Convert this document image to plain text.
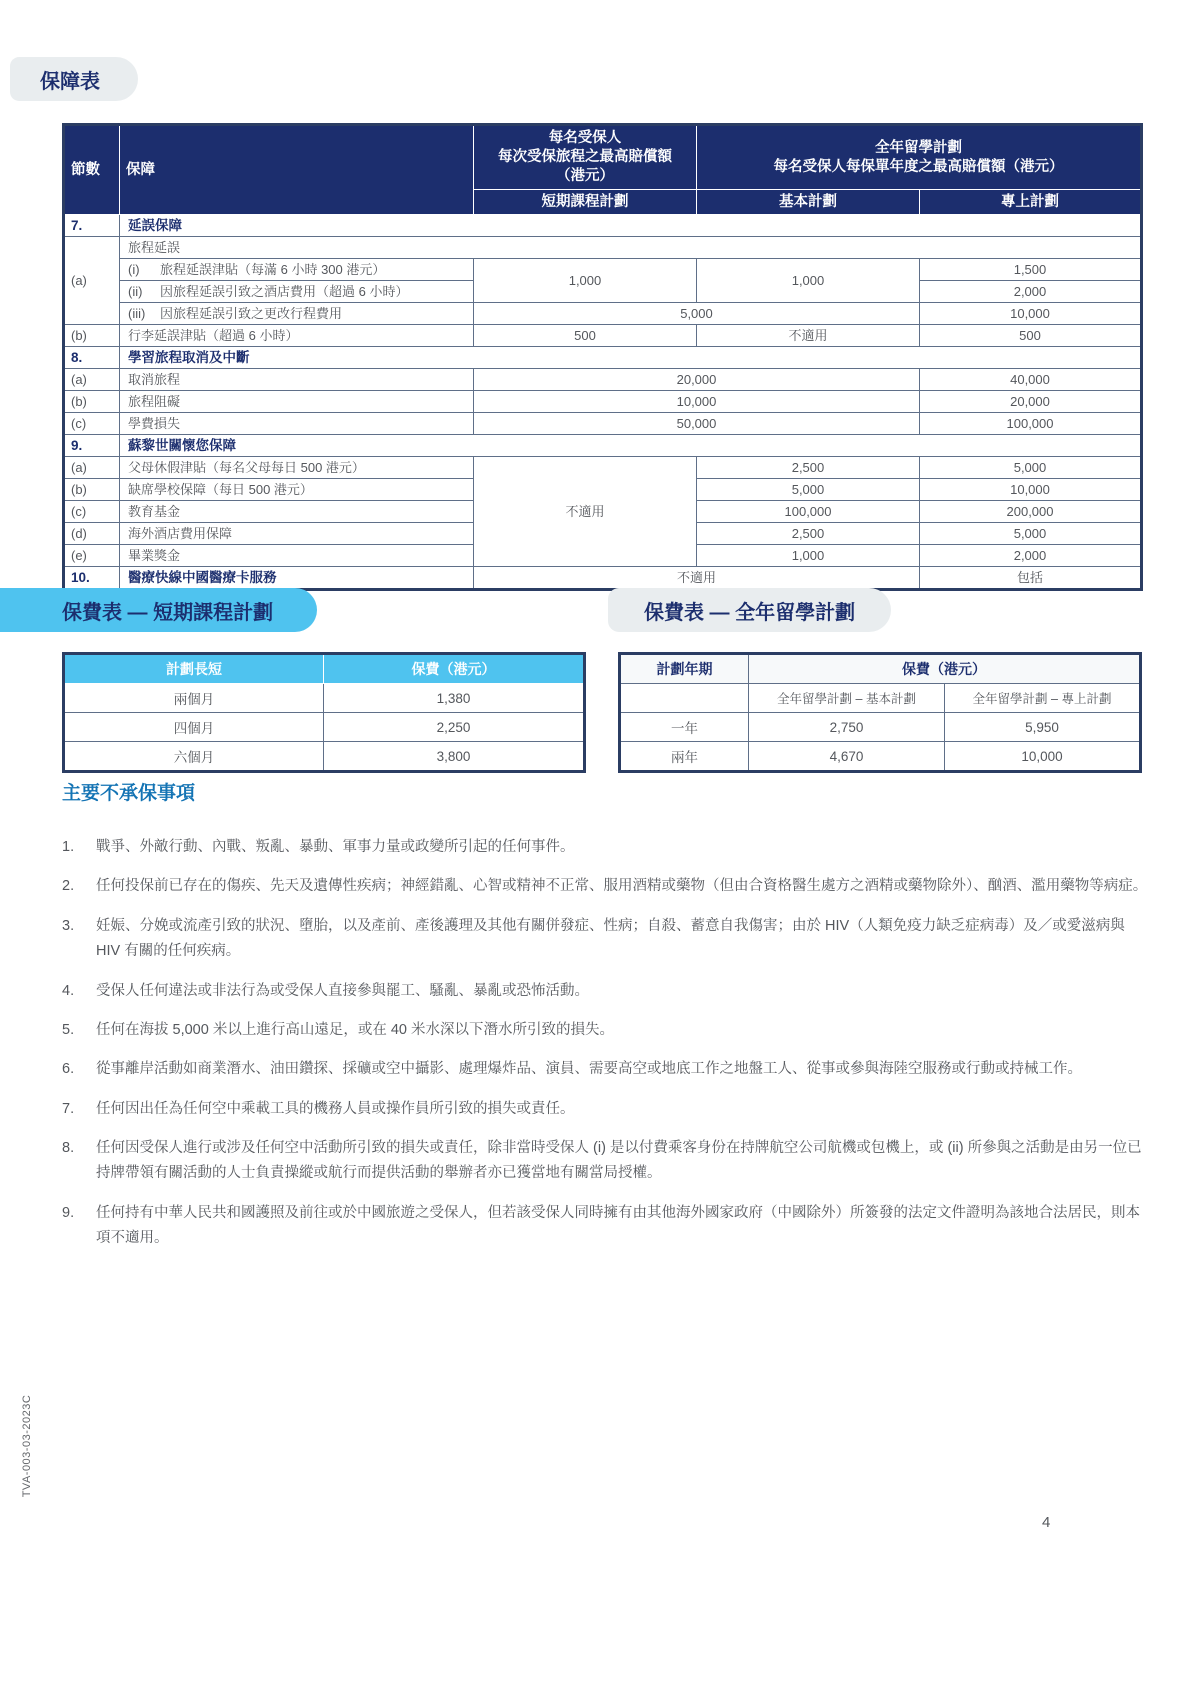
保障表
節數	保障	
每名受保人
每次受保旅程之最高賠償額
（港元）

全年留學計劃
每名受保人每保單年度之最高賠償額（港元）

		短期課程計劃	基本計劃	專上計劃
7.	延誤保障			
(a)	旅程延誤			
	(i) 旅程延誤津貼（每滿 6 小時 300 港元）	1,000	1,000	1,500
	(ii) 因旅程延誤引致之酒店費用（超過 6 小時）			2,000
	(iii) 因旅程延誤引致之更改行程費用	5,000		10,000
(b)	行李延誤津貼（超過 6 小時）	500	不適用	500
8.	學習旅程取消及中斷			
(a)	取消旅程	20,000		40,000
(b)	旅程阻礙	10,000		20,000
(c)	學費損失	50,000		100,000
9.	蘇黎世關懷您保障			
(a)	父母休假津貼（每名父母每日 500 港元）	不適用	2,500	5,000
(b)	缺席學校保障（每日 500 港元）		5,000	10,000
(c)	教育基金		100,000	200,000
(d)	海外酒店費用保障		2,500	5,000
(e)	畢業獎金		1,000	2,000
10.	醫療快線中國醫療卡服務	不適用		包括
保費表 — 短期課程計劃	保費表 — 全年留學計劃
計劃長短	保費（港元）
兩個月	1,380
四個月	2,250
六個月	3,800
計劃年期	保費（港元）	
	全年留學計劃 – 基本計劃	全年留學計劃 – 專上計劃
一年	2,750	5,950
兩年	4,670	10,000
主要不承保事項
1.	戰爭、外敵行動、內戰、叛亂、暴動、軍事力量或政變所引起的任何事件。
2.	任何投保前已存在的傷疾、先天及遺傳性疾病；神經錯亂、心智或精神不正常、服用酒精或藥物（但由合資格醫生處方之酒精或藥物除外）、酗酒、濫用藥物等病症。
3.	妊娠、分娩或流產引致的狀況、墮胎，以及產前、產後護理及其他有關併發症、性病；自殺、蓄意自我傷害；由於 HIV（人類免疫力缺乏症病毒）及／或愛滋病與 HIV 有關的任何疾病。
4.	受保人任何違法或非法行為或受保人直接參與罷工、騷亂、暴亂或恐怖活動。
5.	任何在海拔 5,000 米以上進行高山遠足，或在 40 米水深以下潛水所引致的損失。
6.	從事離岸活動如商業潛水、油田鑽探、採礦或空中攝影、處理爆炸品、演員、需要高空或地底工作之地盤工人、從事或參與海陸空服務或行動或持械工作。
7.	任何因出任為任何空中乘載工具的機務人員或操作員所引致的損失或責任。
8.	任何因受保人進行或涉及任何空中活動所引致的損失或責任，除非當時受保人 (i) 是以付費乘客身份在持牌航空公司航機或包機上，或 (ii) 所參與之活動是由另一位已持牌帶領有關活動的人士負責操縱或航行而提供活動的舉辦者亦已獲當地有關當局授權。
9.	任何持有中華人民共和國護照及前往或於中國旅遊之受保人，但若該受保人同時擁有由其他海外國家政府（中國除外）所簽發的法定文件證明為該地合法居民，則本項不適用。
TVA-003-03-2023C
4
